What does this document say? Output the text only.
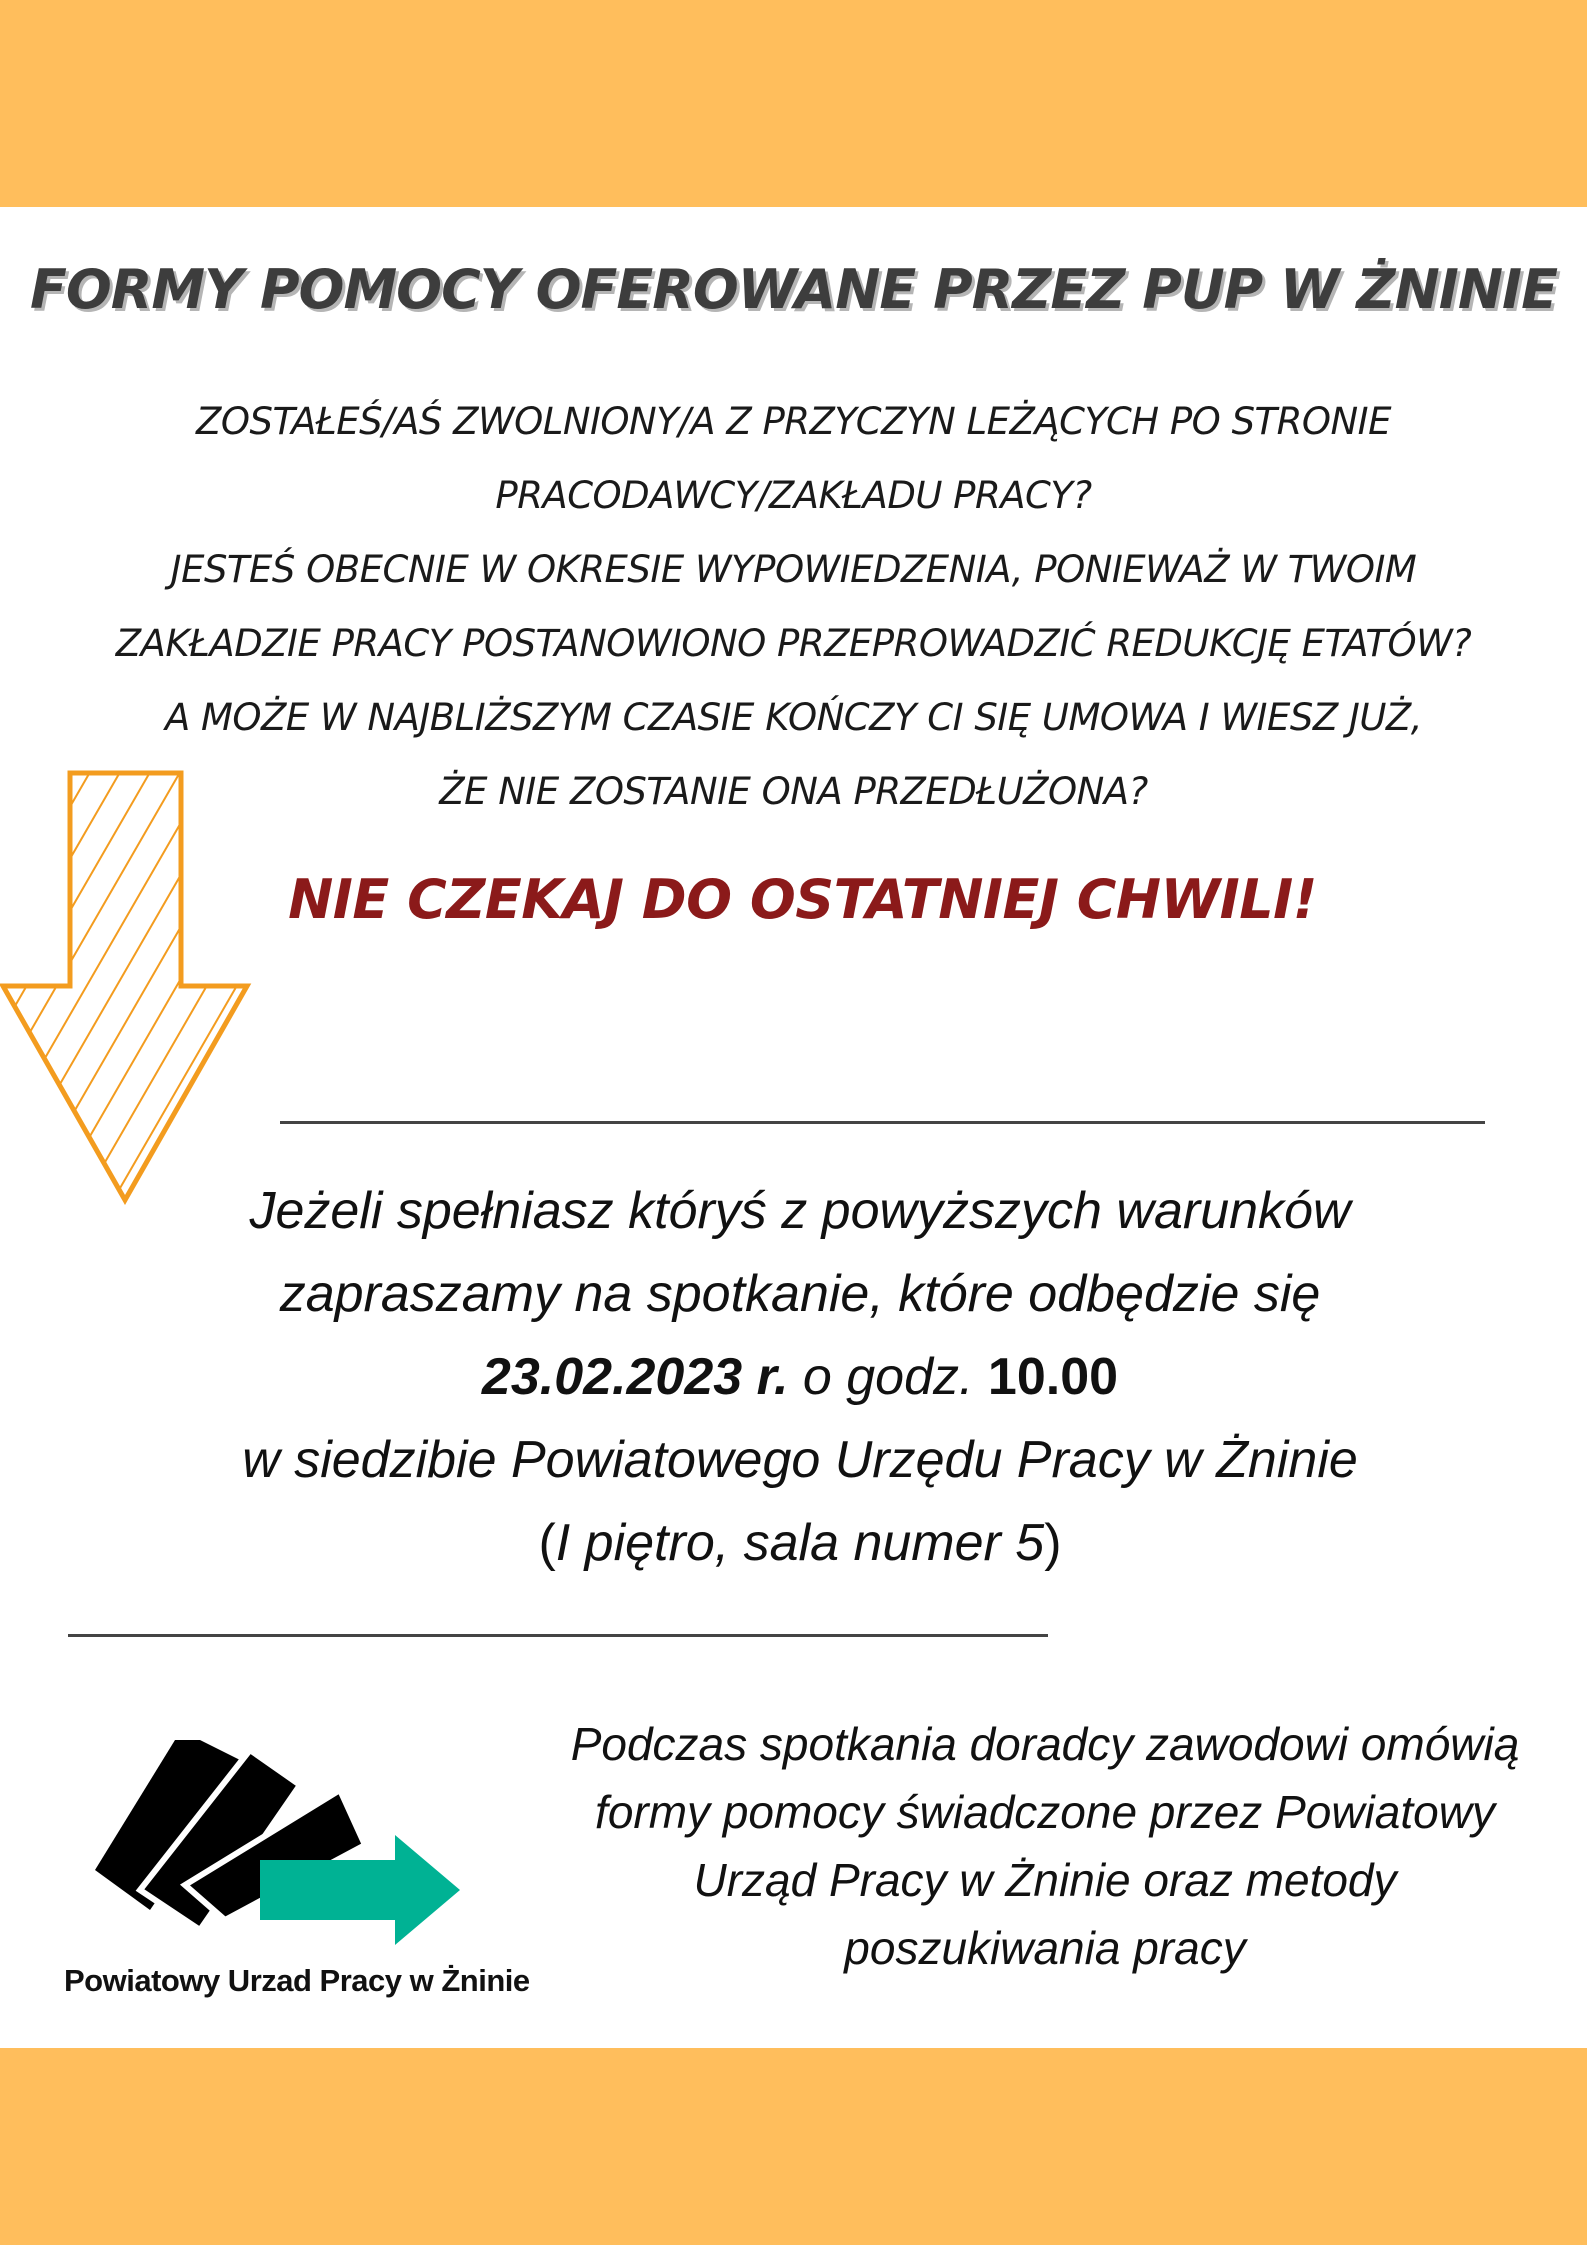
FORMY POMOCY OFEROWANE PRZEZ PUP W ŻNINIE
ZOSTAŁEŚ/AŚ ZWOLNIONY/A Z PRZYCZYN LEŻĄCYCH PO STRONIE
PRACODAWCY/ZAKŁADU PRACY?
JESTEŚ OBECNIE W OKRESIE WYPOWIEDZENIA, PONIEWAŻ W TWOIM
ZAKŁADZIE PRACY POSTANOWIONO PRZEPROWADZIĆ REDUKCJĘ ETATÓW?
A MOŻE W NAJBLIŻSZYM CZASIE KOŃCZY CI SIĘ UMOWA I WIESZ JUŻ,
ŻE NIE ZOSTANIE ONA PRZEDŁUŻONA?
NIE CZEKAJ DO OSTATNIEJ CHWILI!
Jeżeli spełniasz któryś z powyższych warunków
zapraszamy na spotkanie, które odbędzie się
23.02.2023 r. o godz. 10.00
w siedzibie Powiatowego Urzędu Pracy w Żninie
(I piętro, sala numer 5)
Powiatowy Urzad Pracy w Żninie
Podczas spotkania doradcy zawodowi omówią
formy pomocy świadczone przez Powiatowy
Urząd Pracy w Żninie oraz metody
poszukiwania pracy
